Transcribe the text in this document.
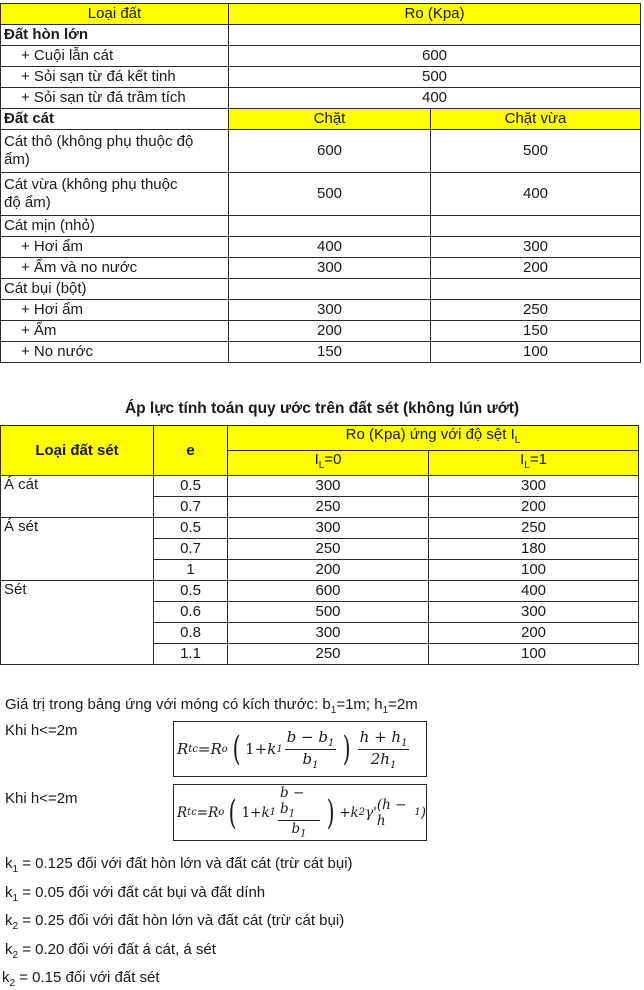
Loại đất	Ro (Kpa)	
Đất hòn lớn		
+ Cuội lẫn cát	600	
+ Sỏi sạn từ đá kết tinh	500	
+ Sỏi sạn từ đá trầm tích	400	
Đất cát	Chặt	Chặt vừa
Cát thô (không phụ thuộc độ ẩm)	600	500
Cát vừa (không phụ thuộc độ ẩm)	500	400
Cát mịn (nhỏ)		
+ Hơi ẩm	400	300
+ Ẩm và no nước	300	200
Cát bụi (bột)		
+ Hơi ẩm	300	250
+ Ẩm	200	150
+ No nước	150	100
Áp lực tính toán quy ước trên đất sét (không lún ướt)
Loại đất sét	e	Ro (Kpa) ứng với độ sệt $I_L$
		$I_L=0$	$I_L=1$
Á cát	0.5	300	300
	0.7	250	200
Á sét	0.5	300	250
	0.7	250	180
	1	200	100
Sét	0.5	600	400
	0.6	500	300
	0.8	300	200
	1.1	250	100
Giá trị trong bảng ứng với móng có kích thước: $b_1=1m$; $h_1=2m$
Khi h<=2m
R tc = R o ( 1+ k $1 \frac{b - b_1}{b_1}$ ) $\frac{h + h_1}{2h_1}$
Khi h<=2m
R tc = R o ( 1+ k $1 \frac{b - b_1}{b_1}$ ) + k 2 γ' (h − h	1 )
$k_1 = 0.125$ đối với đất hòn lớn và đất cát (trừ cát bụi)
$k_1 = 0.05$ đối với đất cát bụi và đất dính
$k_2 = 0.25$ đối với đất hòn lớn và đất cát (trừ cát bụi)
$k_2 = 0.20$ đối với đất á cát, á sét
$k_2 = 0.15$ đối với đất sét
